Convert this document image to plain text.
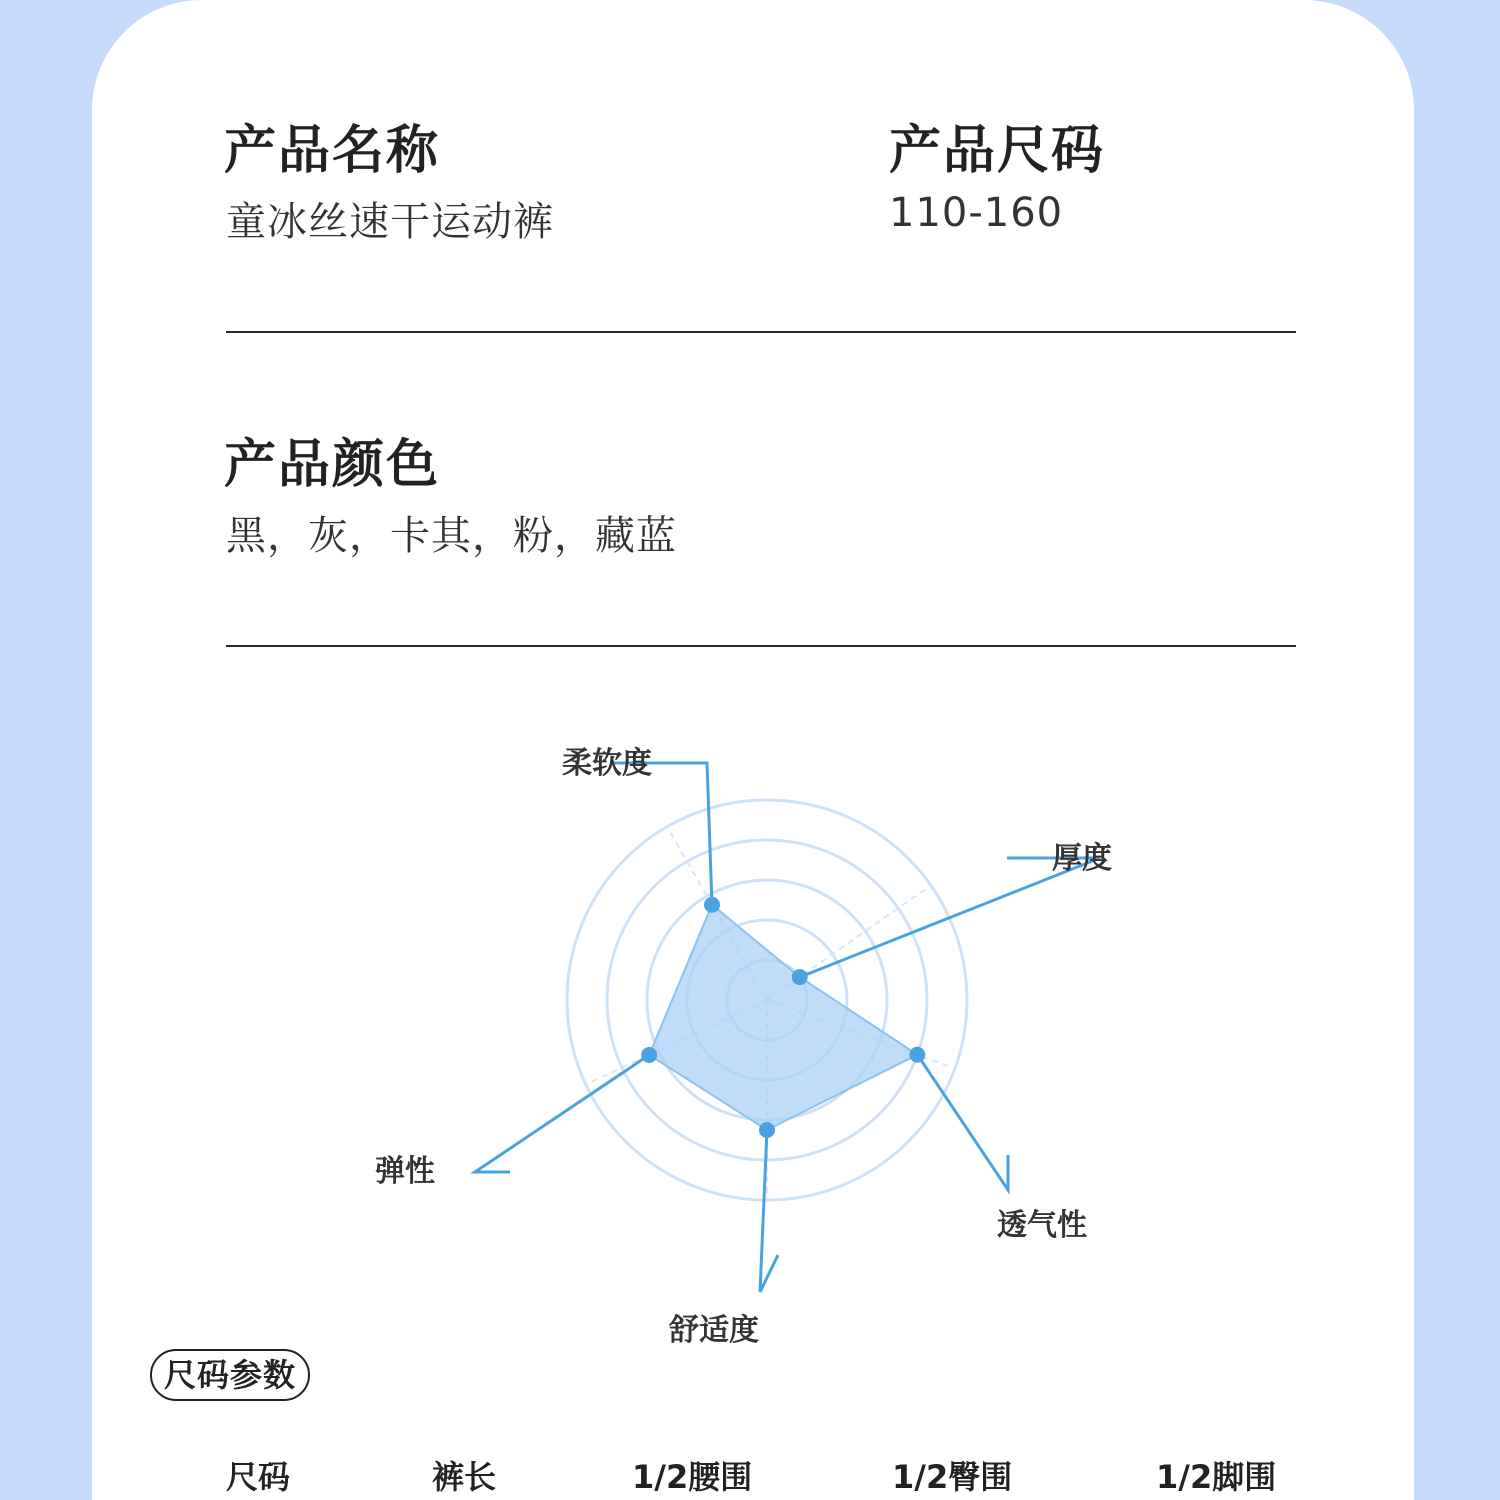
产品名称
童冰丝速干运动裤
产品尺码
110-160
产品颜色
黑，灰，卡其，粉，藏蓝
柔软度
厚度
透气性
舒适度
弹性
尺码参数
尺码	裤长	1/2腰围	1/2臀围	1/2脚围
